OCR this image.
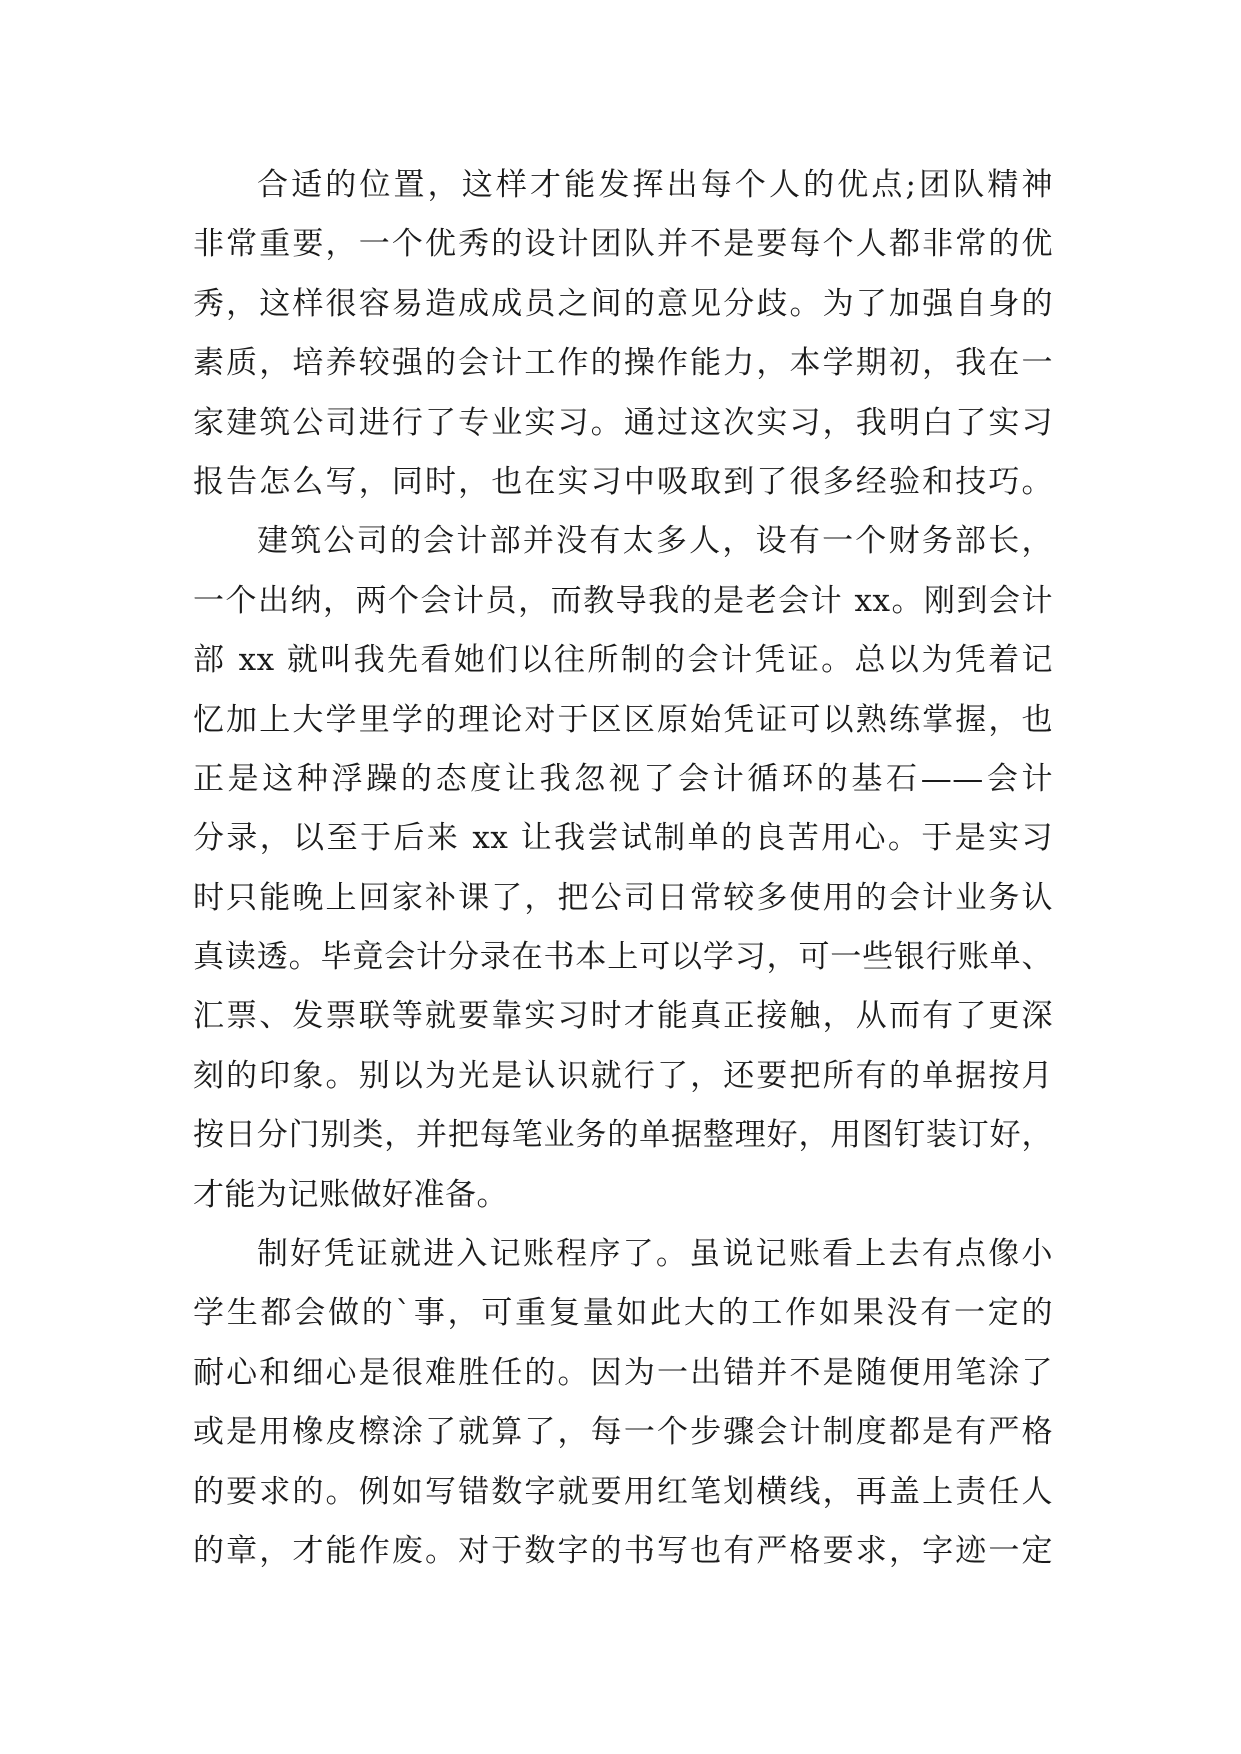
合适的位置，这样才能发挥出每个人的优点;团队精神
非常重要，一个优秀的设计团队并不是要每个人都非常的优
秀，这样很容易造成成员之间的意见分歧。为了加强自身的
素质，培养较强的会计工作的操作能力，本学期初，我在一
家建筑公司进行了专业实习。通过这次实习，我明白了实习
报告怎么写，同时，也在实习中吸取到了很多经验和技巧。
建筑公司的会计部并没有太多人，设有一个财务部长，
一个出纳，两个会计员，而教导我的是老会计 xx。刚到会计
部 xx 就叫我先看她们以往所制的会计凭证。总以为凭着记
忆加上大学里学的理论对于区区原始凭证可以熟练掌握，也
正是这种浮躁的态度让我忽视了会计循环的基石——会计
分录，以至于后来 xx 让我尝试制单的良苦用心。于是实习
时只能晚上回家补课了，把公司日常较多使用的会计业务认
真读透。毕竟会计分录在书本上可以学习，可一些银行账单、
汇票、发票联等就要靠实习时才能真正接触，从而有了更深
刻的印象。别以为光是认识就行了，还要把所有的单据按月
按日分门别类，并把每笔业务的单据整理好，用图钉装订好，
才能为记账做好准备。
制好凭证就进入记账程序了。虽说记账看上去有点像小
学生都会做的`事，可重复量如此大的工作如果没有一定的
耐心和细心是很难胜任的。因为一出错并不是随便用笔涂了
或是用橡皮檫涂了就算了，每一个步骤会计制度都是有严格
的要求的。例如写错数字就要用红笔划横线，再盖上责任人
的章，才能作废。对于数字的书写也有严格要求，字迹一定
